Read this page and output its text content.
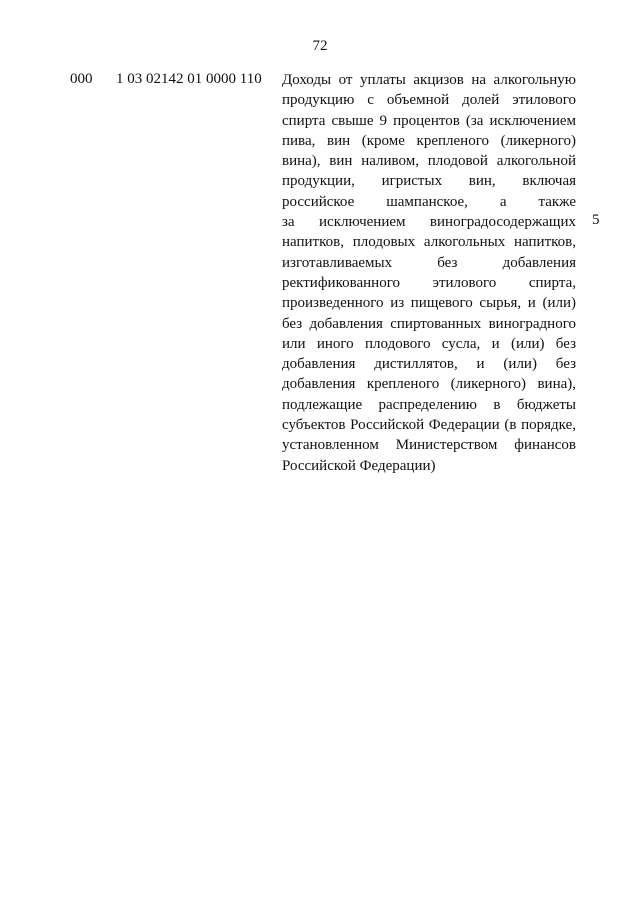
72
000 1 03 02142 01 0000 110 Доходы от уплаты акцизов на алкогольную
продукцию с объемной долей этилового
спирта свыше 9 процентов (за исключением
пива, вин (кроме крепленого (ликерного)
вина), вин наливом, плодовой алкогольной
продукции, игристых вин, включая
российское шампанское, а также
за исключением виноградосодержащих
напитков, плодовых алкогольных напитков,
изготавливаемых без добавления
ректификованного этилового спирта,
произведенного из пищевого сырья, и (или)
без добавления спиртованных виноградного
или иного плодового сусла, и (или) без
добавления дистиллятов, и (или) без
добавления крепленого (ликерного) вина),
подлежащие распределению в бюджеты
субъектов Российской Федерации (в порядке,
установленном Министерством финансов
Российской Федерации)

5
